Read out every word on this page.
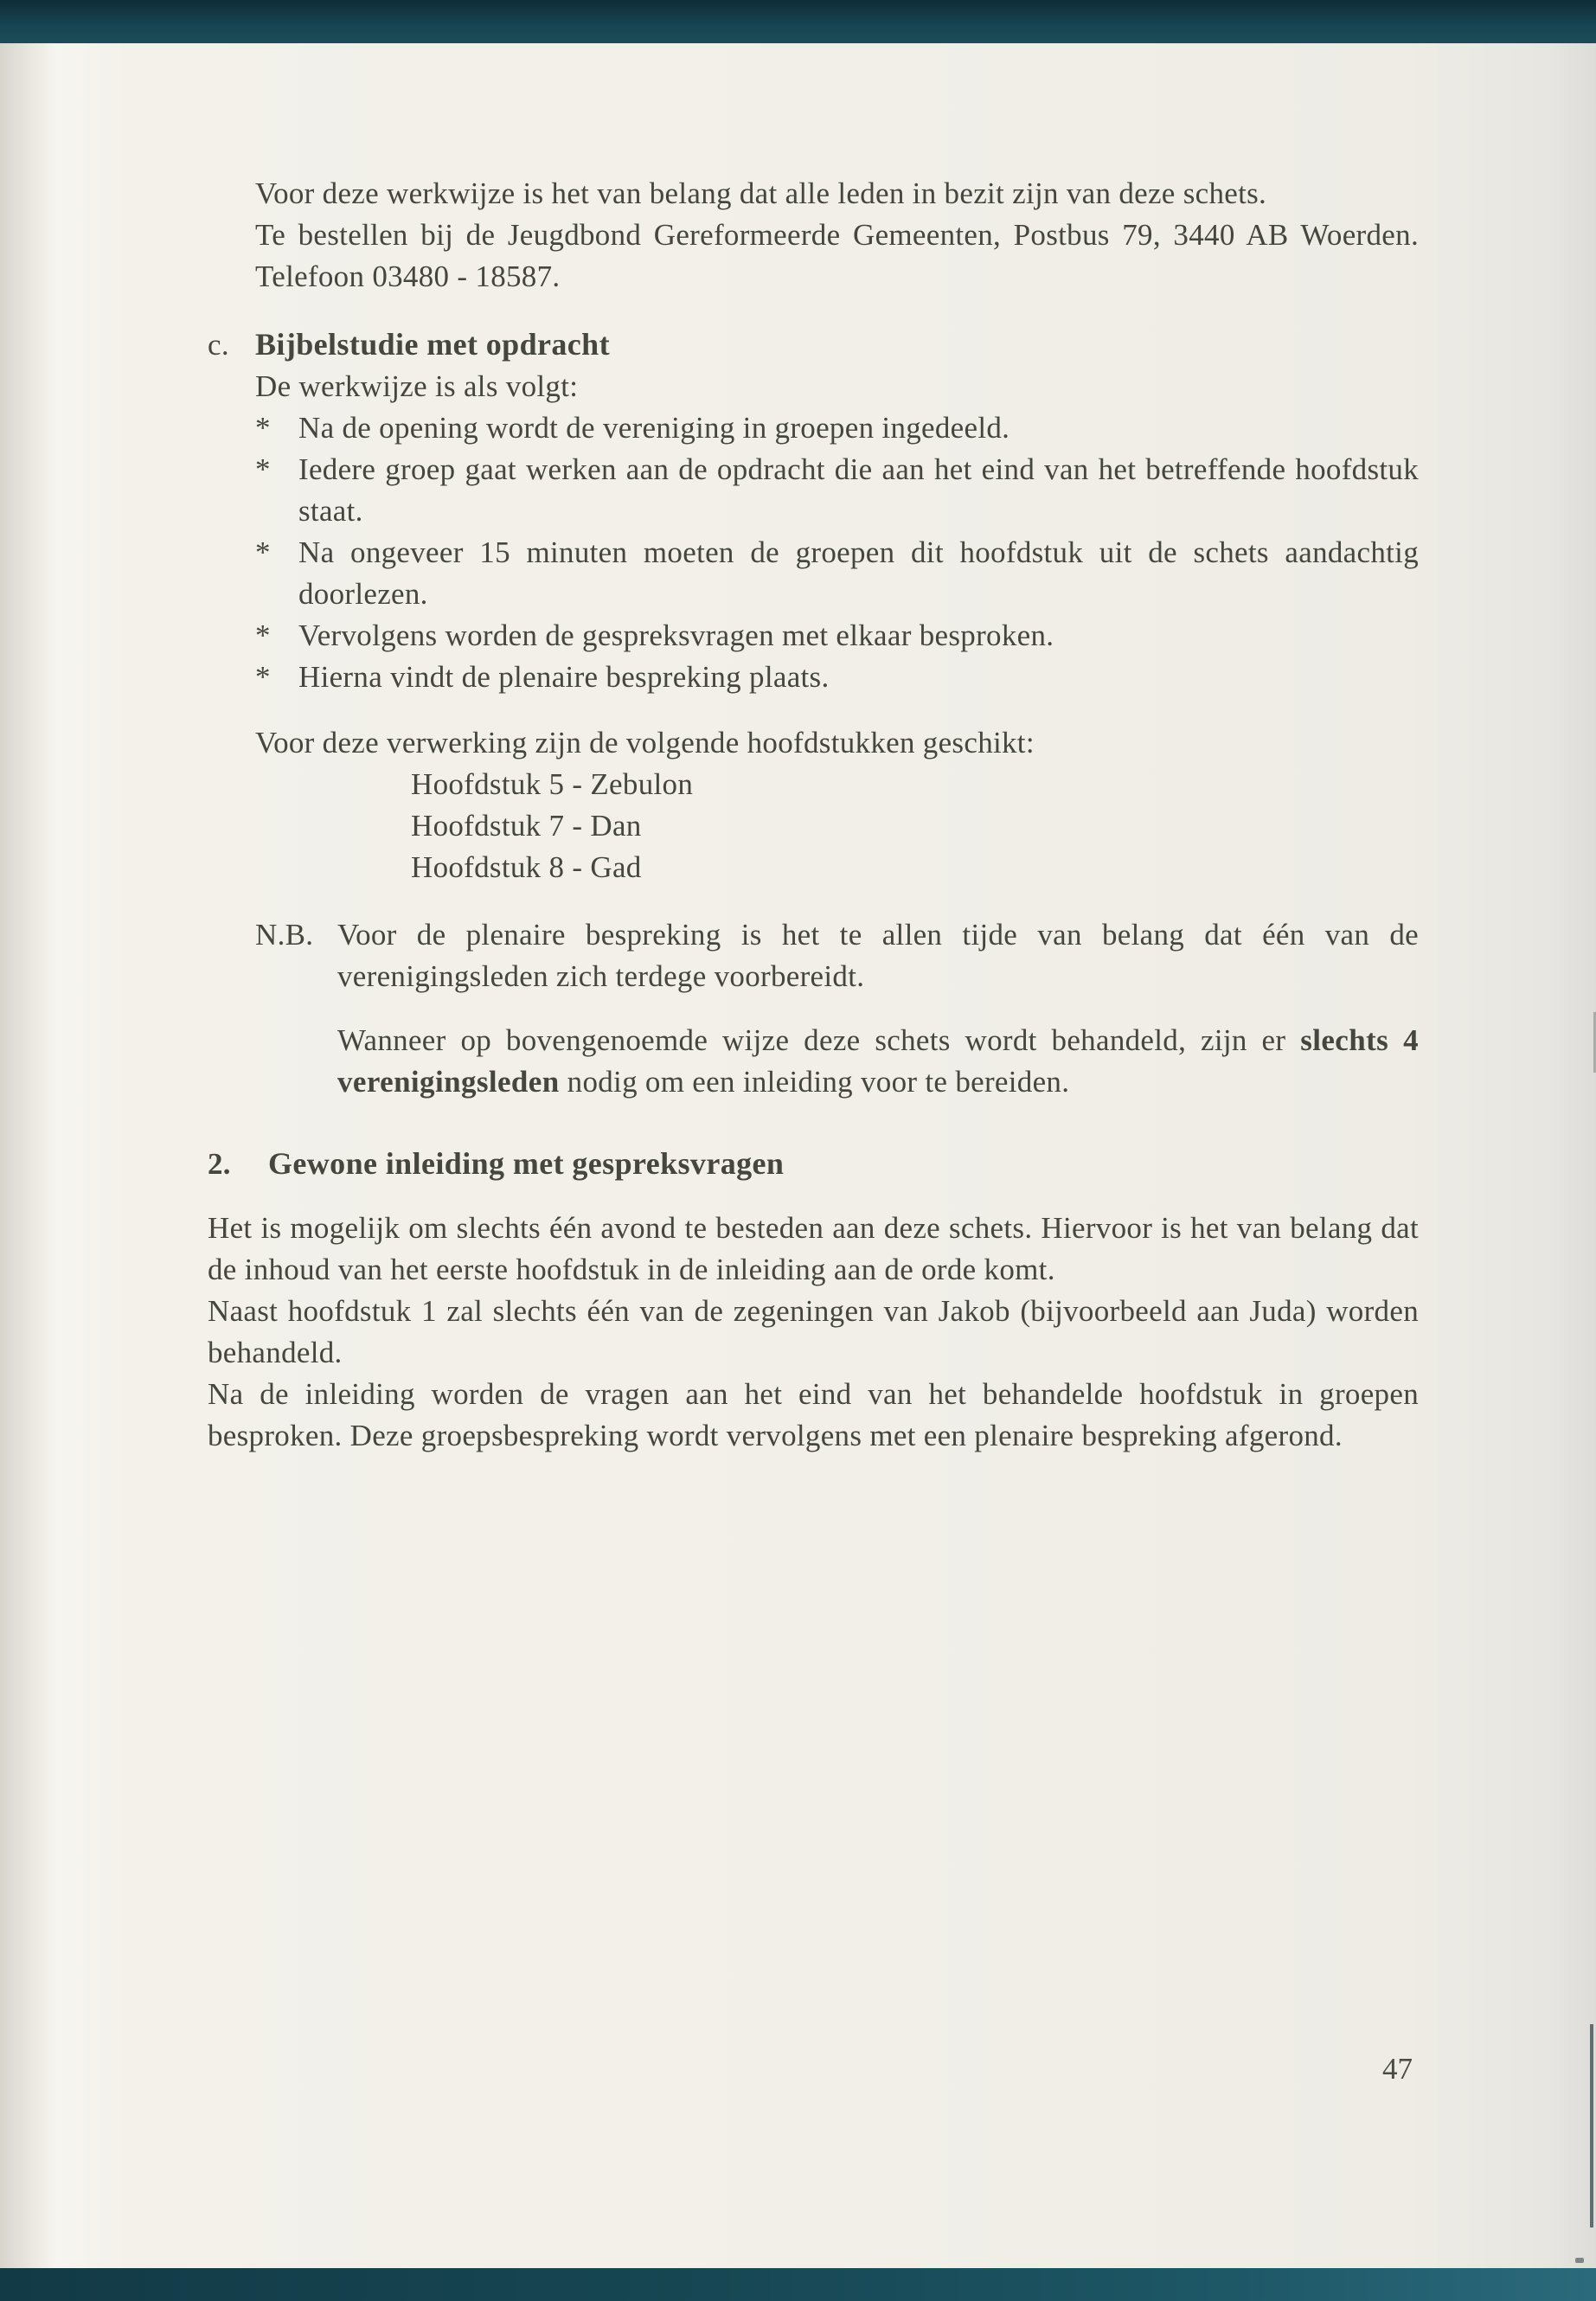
Voor deze werkwijze is het van belang dat alle leden in bezit zijn van deze schets.

Te bestellen bij de Jeugdbond Gereformeerde Gemeenten, Postbus 79, 3440 AB Woerden. Telefoon 03480 - 18587.

c. Bijbelstudie met opdracht

De werkwijze is als volgt:

* Na de opening wordt de vereniging in groepen ingedeeld.
* Iedere groep gaat werken aan de opdracht die aan het eind van het betreffende hoofdstuk staat.
* Na ongeveer 15 minuten moeten de groepen dit hoofdstuk uit de schets aandachtig doorlezen.
* Vervolgens worden de gespreksvragen met elkaar besproken.
* Hierna vindt de plenaire bespreking plaats.

Voor deze verwerking zijn de volgende hoofdstukken geschikt:

Hoofdstuk 5 - Zebulon

Hoofdstuk 7 - Dan

Hoofdstuk 8 - Gad

N.B. Voor de plenaire bespreking is het te allen tijde van belang dat één van de verenigingsleden zich terdege voorbereidt.

Wanneer op bovengenoemde wijze deze schets wordt behandeld, zijn er slechts 4 verenigingsleden nodig om een inleiding voor te bereiden.

2.	Gewone inleiding met gespreksvragen

Het is mogelijk om slechts één avond te besteden aan deze schets. Hiervoor is het van belang dat de inhoud van het eerste hoofdstuk in de inleiding aan de orde komt.

Naast hoofdstuk 1 zal slechts één van de zegeningen van Jakob (bijvoorbeeld aan Juda) worden behandeld.

Na de inleiding worden de vragen aan het eind van het behandelde hoofdstuk in groepen besproken. Deze groepsbespreking wordt vervolgens met een plenaire bespreking afgerond.

47
